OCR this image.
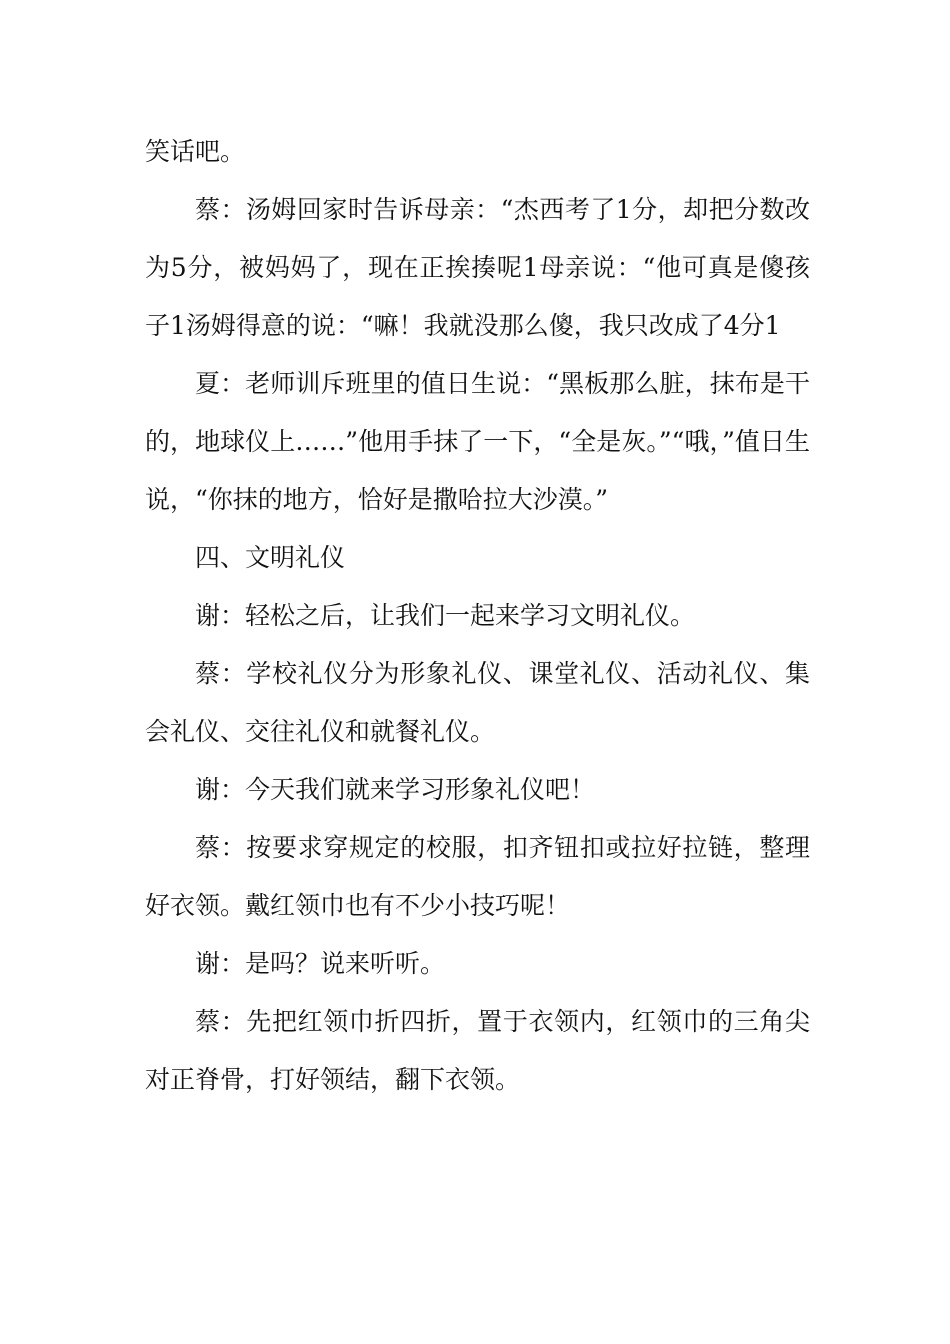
笑话吧。

蔡：汤姆回家时告诉母亲：“杰西考了1分，却把分数改为5分，被妈妈了，现在正挨揍呢1母亲说：“他可真是傻孩子1汤姆得意的说：“嘛！我就没那么傻，我只改成了4分1

夏：老师训斥班里的值日生说：“黑板那么脏，抹布是干的，地球仪上……”他用手抹了一下，“全是灰。”“哦，”值日生说，“你抹的地方，恰好是撒哈拉大沙漠。”

四、文明礼仪

谢：轻松之后，让我们一起来学习文明礼仪。

蔡：学校礼仪分为形象礼仪、课堂礼仪、活动礼仪、集会礼仪、交往礼仪和就餐礼仪。

谢：今天我们就来学习形象礼仪吧！

蔡：按要求穿规定的校服，扣齐钮扣或拉好拉链，整理好衣领。戴红领巾也有不少小技巧呢！

谢：是吗？说来听听。

蔡：先把红领巾折四折，置于衣领内，红领巾的三角尖对正脊骨，打好领结，翻下衣领。
